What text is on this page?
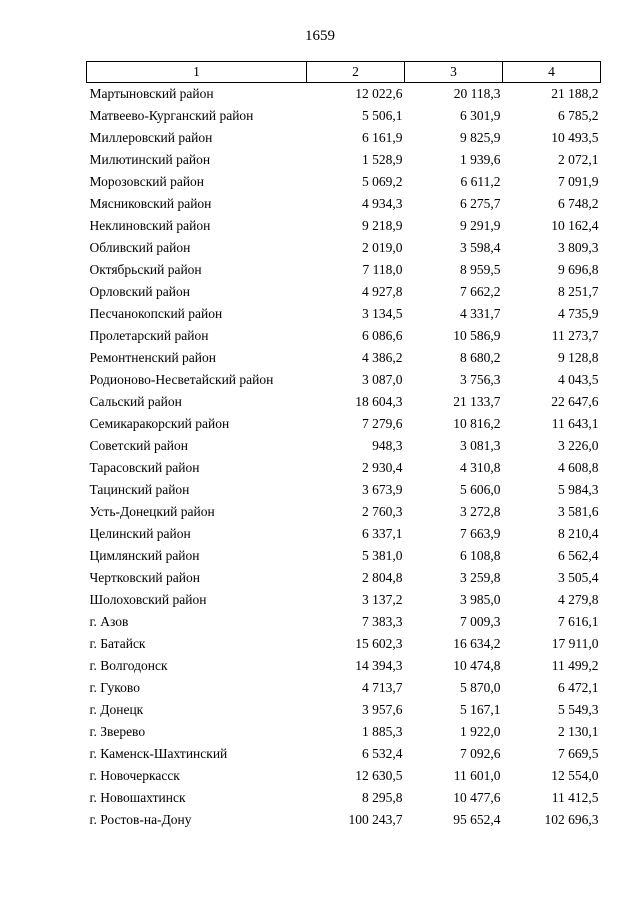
1659
1	2	3	4
Мартыновский район	12 022,6	20 118,3	21 188,2
Матвеево-Курганский район	5 506,1	6 301,9	6 785,2
Миллеровский район	6 161,9	9 825,9	10 493,5
Милютинский район	1 528,9	1 939,6	2 072,1
Морозовский район	5 069,2	6 611,2	7 091,9
Мясниковский район	4 934,3	6 275,7	6 748,2
Неклиновский район	9 218,9	9 291,9	10 162,4
Обливский район	2 019,0	3 598,4	3 809,3
Октябрьский район	7 118,0	8 959,5	9 696,8
Орловский район	4 927,8	7 662,2	8 251,7
Песчанокопский район	3 134,5	4 331,7	4 735,9
Пролетарский район	6 086,6	10 586,9	11 273,7
Ремонтненский район	4 386,2	8 680,2	9 128,8
Родионово-Несветайский район	3 087,0	3 756,3	4 043,5
Сальский район	18 604,3	21 133,7	22 647,6
Семикаракорский район	7 279,6	10 816,2	11 643,1
Советский район	948,3	3 081,3	3 226,0
Тарасовский район	2 930,4	4 310,8	4 608,8
Тацинский район	3 673,9	5 606,0	5 984,3
Усть-Донецкий район	2 760,3	3 272,8	3 581,6
Целинский район	6 337,1	7 663,9	8 210,4
Цимлянский район	5 381,0	6 108,8	6 562,4
Чертковский район	2 804,8	3 259,8	3 505,4
Шолоховский район	3 137,2	3 985,0	4 279,8
г. Азов	7 383,3	7 009,3	7 616,1
г. Батайск	15 602,3	16 634,2	17 911,0
г. Волгодонск	14 394,3	10 474,8	11 499,2
г. Гуково	4 713,7	5 870,0	6 472,1
г. Донецк	3 957,6	5 167,1	5 549,3
г. Зверево	1 885,3	1 922,0	2 130,1
г. Каменск-Шахтинский	6 532,4	7 092,6	7 669,5
г. Новочеркасск	12 630,5	11 601,0	12 554,0
г. Новошахтинск	8 295,8	10 477,6	11 412,5
г. Ростов-на-Дону	100 243,7	95 652,4	102 696,3
